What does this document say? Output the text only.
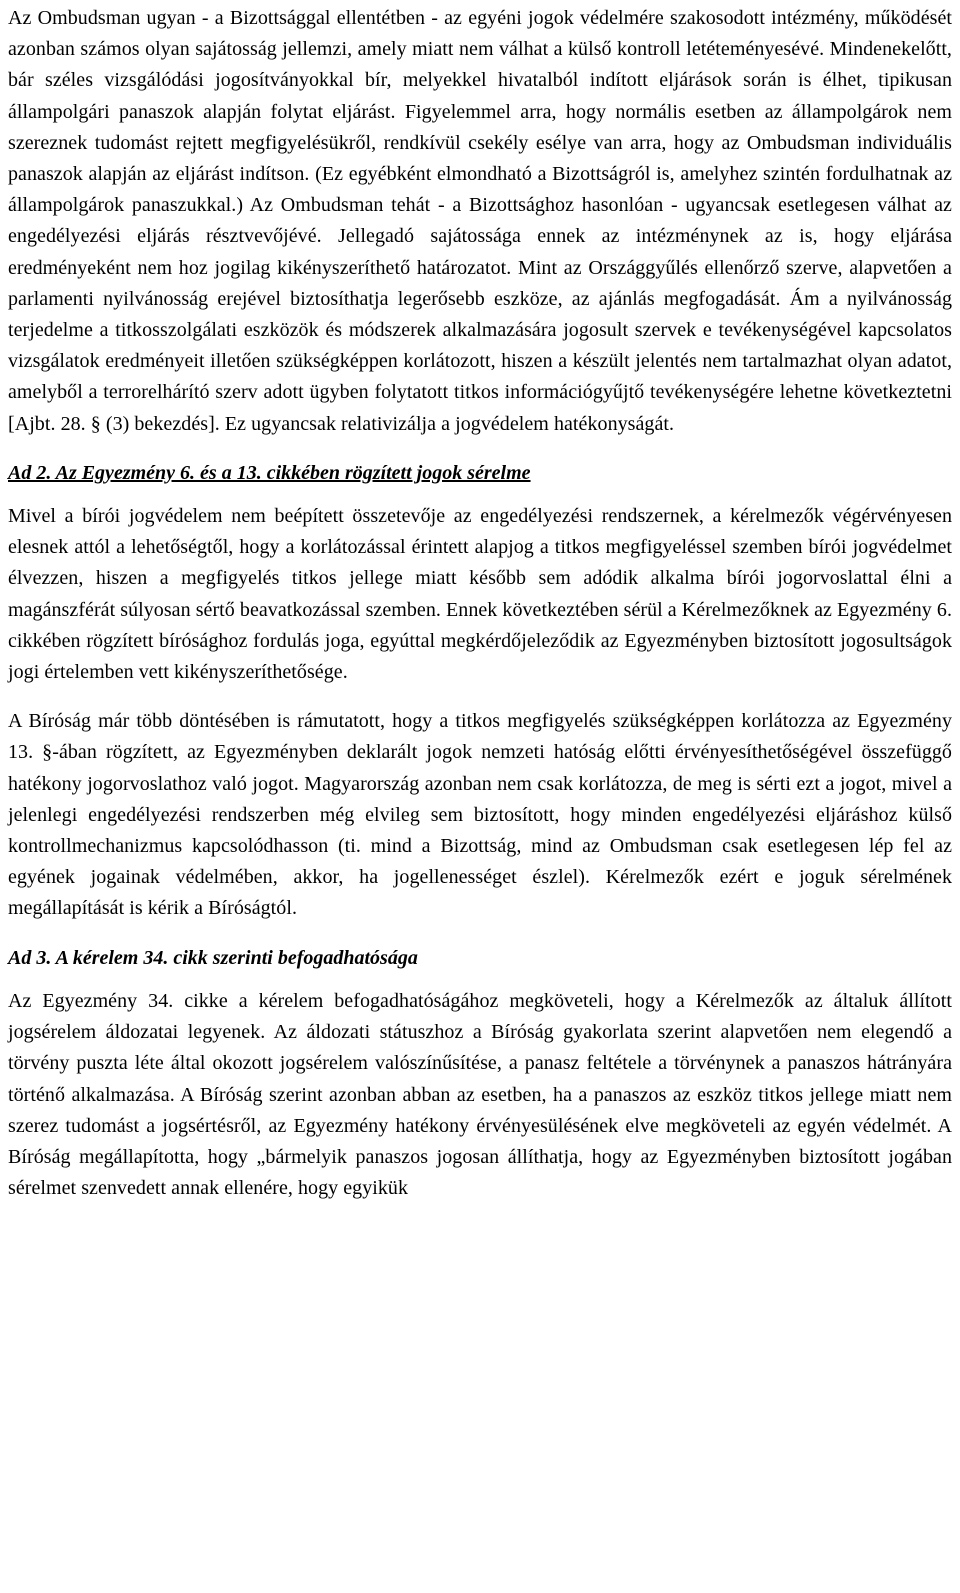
Az Ombudsman ugyan - a Bizottsággal ellentétben - az egyéni jogok védelmére szakosodott intézmény, működését azonban számos olyan sajátosság jellemzi, amely miatt nem válhat a külső kontroll letéteményesévé. Mindenekelőtt, bár széles vizsgálódási jogosítványokkal bír, melyekkel hivatalból indított eljárások során is élhet, tipikusan állampolgári panaszok alapján folytat eljárást. Figyelemmel arra, hogy normális esetben az állampolgárok nem szereznek tudomást rejtett megfigyelésükről, rendkívül csekély esélye van arra, hogy az Ombudsman individuális panaszok alapján az eljárást indítson. (Ez egyébként elmondható a Bizottságról is, amelyhez szintén fordulhatnak az állampolgárok panaszukkal.) Az Ombudsman tehát - a Bizottsághoz hasonlóan - ugyancsak esetlegesen válhat az engedélyezési eljárás résztvevőjévé. Jellegadó sajátossága ennek az intézménynek az is, hogy eljárása eredményeként nem hoz jogilag kikényszeríthető határozatot. Mint az Országgyűlés ellenőrző szerve, alapvetően a parlamenti nyilvánosság erejével biztosíthatja legerősebb eszköze, az ajánlás megfogadását. Ám a nyilvánosság terjedelme a titkosszolgálati eszközök és módszerek alkalmazására jogosult szervek e tevékenységével kapcsolatos vizsgálatok eredményeit illetően szükségképpen korlátozott, hiszen a készült jelentés nem tartalmazhat olyan adatot, amelyből a terrorelhárító szerv adott ügyben folytatott titkos információgyűjtő tevékenységére lehetne következtetni [Ajbt. 28. § (3) bekezdés]. Ez ugyancsak relativizálja a jogvédelem hatékonyságát.

Ad 2. Az Egyezmény 6. és a 13. cikkében rögzített jogok sérelme

Mivel a bírói jogvédelem nem beépített összetevője az engedélyezési rendszernek, a kérelmezők végérvényesen elesnek attól a lehetőségtől, hogy a korlátozással érintett alapjog a titkos megfigyeléssel szemben bírói jogvédelmet élvezzen, hiszen a megfigyelés titkos jellege miatt később sem adódik alkalma bírói jogorvoslattal élni a magánszférát súlyosan sértő beavatkozással szemben. Ennek következtében sérül a Kérelmezőknek az Egyezmény 6. cikkében rögzített bírósághoz fordulás joga, egyúttal megkérdőjeleződik az Egyezményben biztosított jogosultságok jogi értelemben vett kikényszeríthetősége.

A Bíróság már több döntésében is rámutatott, hogy a titkos megfigyelés szükségképpen korlátozza az Egyezmény 13. §-ában rögzített, az Egyezményben deklarált jogok nemzeti hatóság előtti érvényesíthetőségével összefüggő hatékony jogorvoslathoz való jogot. Magyarország azonban nem csak korlátozza, de meg is sérti ezt a jogot, mivel a jelenlegi engedélyezési rendszerben még elvileg sem biztosított, hogy minden engedélyezési eljáráshoz külső kontrollmechanizmus kapcsolódhasson (ti. mind a Bizottság, mind az Ombudsman csak esetlegesen lép fel az egyének jogainak védelmében, akkor, ha jogellenességet észlel). Kérelmezők ezért e joguk sérelmének megállapítását is kérik a Bíróságtól.

Ad 3. A kérelem 34. cikk szerinti befogadhatósága

Az Egyezmény 34. cikke a kérelem befogadhatóságához megköveteli, hogy a Kérelmezők az általuk állított jogsérelem áldozatai legyenek. Az áldozati státuszhoz a Bíróság gyakorlata szerint alapvetően nem elegendő a törvény puszta léte által okozott jogsérelem valószínűsítése, a panasz feltétele a törvénynek a panaszos hátrányára történő alkalmazása. A Bíróság szerint azonban abban az esetben, ha a panaszos az eszköz titkos jellege miatt nem szerez tudomást a jogsértésről, az Egyezmény hatékony érvényesülésének elve megköveteli az egyén védelmét. A Bíróság megállapította, hogy „bármelyik panaszos jogosan állíthatja, hogy az Egyezményben biztosított jogában sérelmet szenvedett annak ellenére, hogy egyikük
